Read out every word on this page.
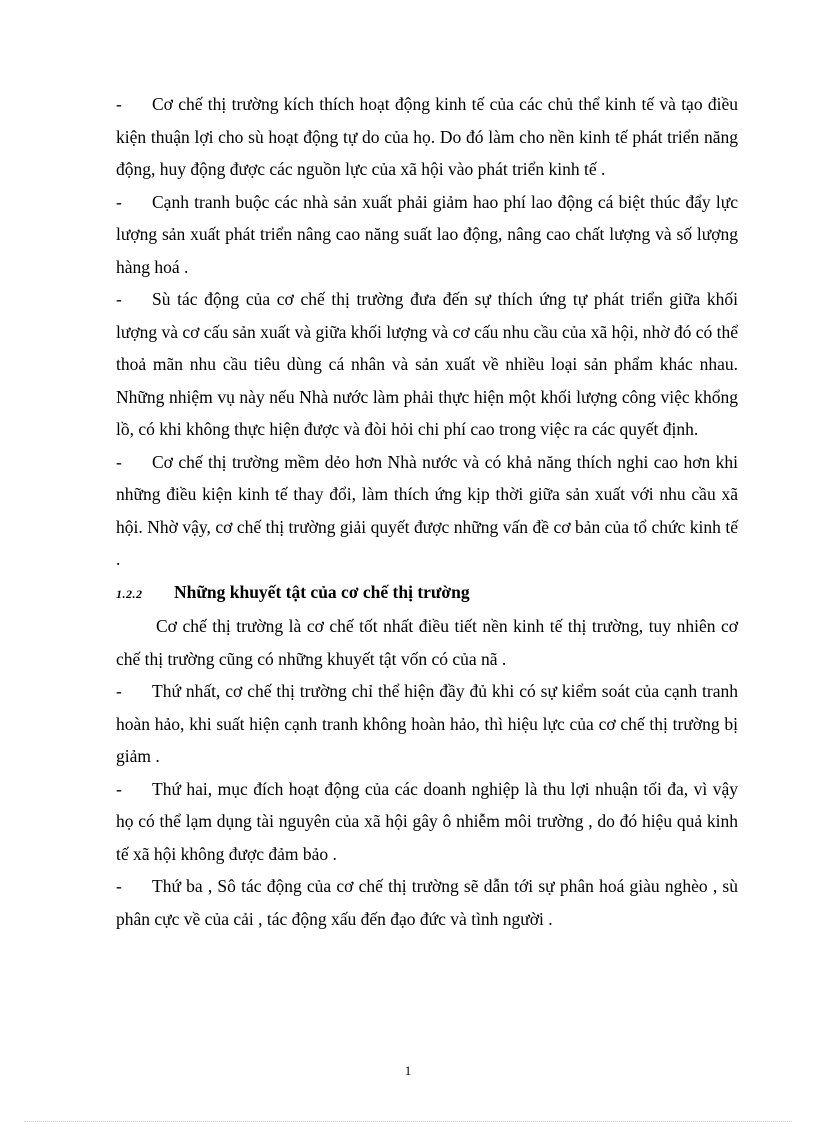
- Cơ chế thị trường kích thích hoạt động kinh tế của các chủ thể kinh tế và tạo điều kiện thuận lợi cho sù hoạt động tự do của họ. Do đó làm cho nền kinh tế phát triển năng động, huy động được các nguồn lực của xã hội vào phát triển kinh tế .

- Cạnh tranh buộc các nhà sản xuất phải giảm hao phí lao động cá biệt thúc đẩy lực lượng sản xuất phát triển nâng cao năng suất lao động, nâng cao chất lượng và số lượng hàng hoá .

- Sù tác động của cơ chế thị trường đưa đến sự thích ứng tự phát triển giữa khối lượng và cơ cấu sản xuất và giữa khối lượng và cơ cấu nhu cầu của xã hội, nhờ đó có thể thoả mãn nhu cầu tiêu dùng cá nhân và sản xuất về nhiều loại sản phẩm khác nhau. Những nhiệm vụ này nếu Nhà nước làm phải thực hiện một khối lượng công việc khổng lồ, có khi không thực hiện được và đòi hỏi chi phí cao trong việc ra các quyết định.

- Cơ chế thị trường mềm dẻo hơn Nhà nước và có khả năng thích nghi cao hơn khi những điều kiện kinh tế thay đổi, làm thích ứng kịp thời giữa sản xuất với nhu cầu xã hội. Nhờ vậy, cơ chế thị trường giải quyết được những vấn đề cơ bản của tổ chức kinh tế .

1.2.2 Những khuyết tật của cơ chế thị trường

Cơ chế thị trường là cơ chế tốt nhất điều tiết nền kinh tế thị trường, tuy nhiên cơ chế thị trường cũng có những khuyết tật vốn có của nã .

- Thứ nhất, cơ chế thị trường chỉ thể hiện đầy đủ khi có sự kiểm soát của cạnh tranh hoàn hảo, khi suất hiện cạnh tranh không hoàn hảo, thì hiệu lực của cơ chế thị trường bị giảm .

- Thứ hai, mục đích hoạt động của các doanh nghiệp là thu lợi nhuận tối đa, vì vậy họ có thể lạm dụng tài nguyên của xã hội gây ô nhiễm môi trường , do đó hiệu quả kinh tế xã hội không được đảm bảo .

- Thứ ba , Sô tác động của cơ chế thị trường sẽ dẫn tới sự phân hoá giàu nghèo , sù phân cực về của cải , tác động xấu đến đạo đức và tình người .

1
